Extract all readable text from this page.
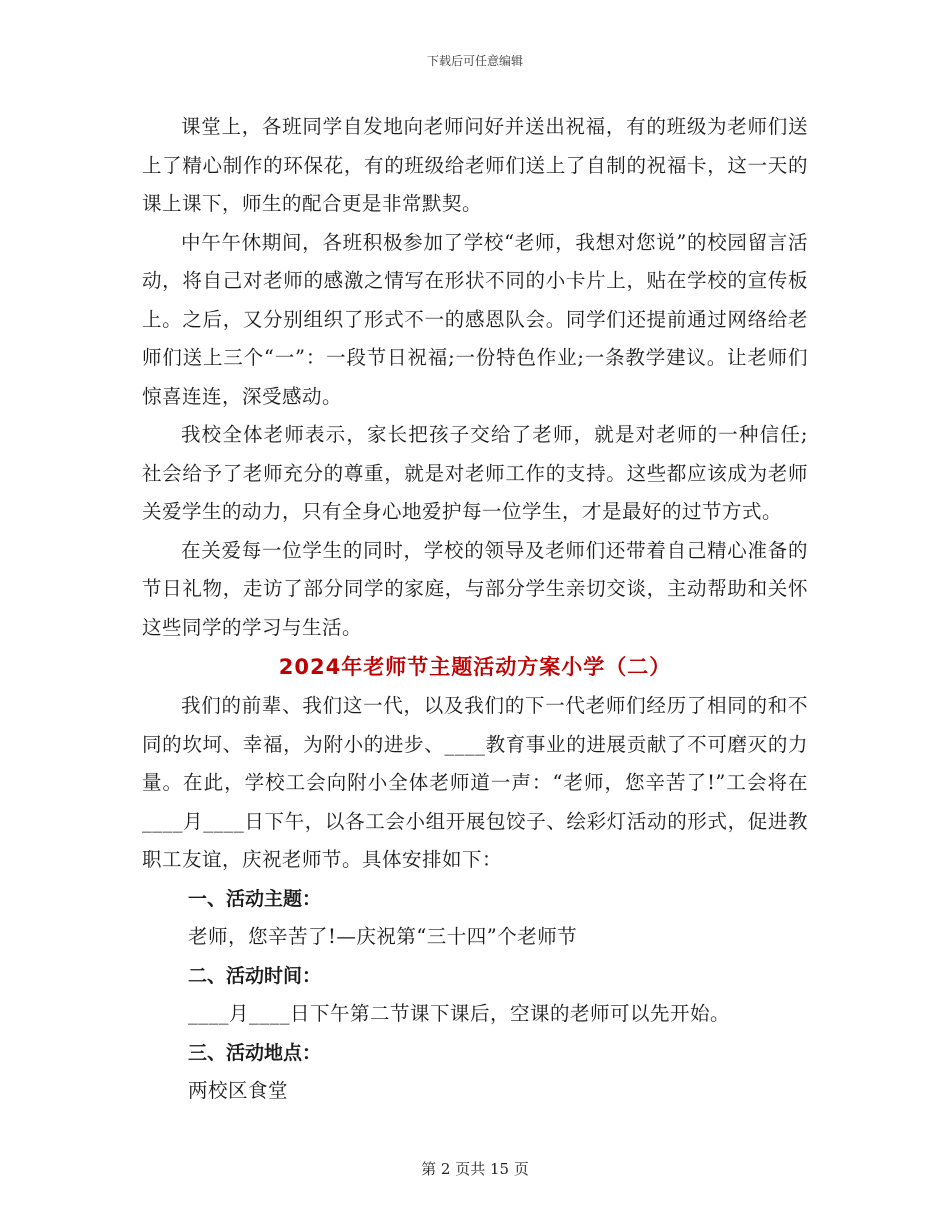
下载后可任意编辑

课堂上，各班同学自发地向老师问好并送出祝福，有的班级为老师们送上了精心制作的环保花，有的班级给老师们送上了自制的祝福卡，这一天的课上课下，师生的配合更是非常默契。

中午午休期间，各班积极参加了学校“老师，我想对您说”的校园留言活动，将自己对老师的感激之情写在形状不同的小卡片上，贴在学校的宣传板上。之后，又分别组织了形式不一的感恩队会。同学们还提前通过网络给老师们送上三个“一”：一段节日祝福;一份特色作业;一条教学建议。让老师们惊喜连连，深受感动。

我校全体老师表示，家长把孩子交给了老师，就是对老师的一种信任;社会给予了老师充分的尊重，就是对老师工作的支持。这些都应该成为老师关爱学生的动力，只有全身心地爱护每一位学生，才是最好的过节方式。

在关爱每一位学生的同时，学校的领导及老师们还带着自己精心准备的节日礼物，走访了部分同学的家庭，与部分学生亲切交谈，主动帮助和关怀这些同学的学习与生活。

2024年老师节主题活动方案小学（二）

我们的前辈、我们这一代，以及我们的下一代老师们经历了相同的和不同的坎坷、幸福，为附小的进步、____教育事业的进展贡献了不可磨灭的力量。在此，学校工会向附小全体老师道一声：“老师，您辛苦了!”工会将在____月____日下午，以各工会小组开展包饺子、绘彩灯活动的形式，促进教职工友谊，庆祝老师节。具体安排如下：

一、活动主题：

老师，您辛苦了!—庆祝第“三十四”个老师节

二、活动时间：

____月____日下午第二节课下课后，空课的老师可以先开始。

三、活动地点：

两校区食堂

第 2 页共 15 页
